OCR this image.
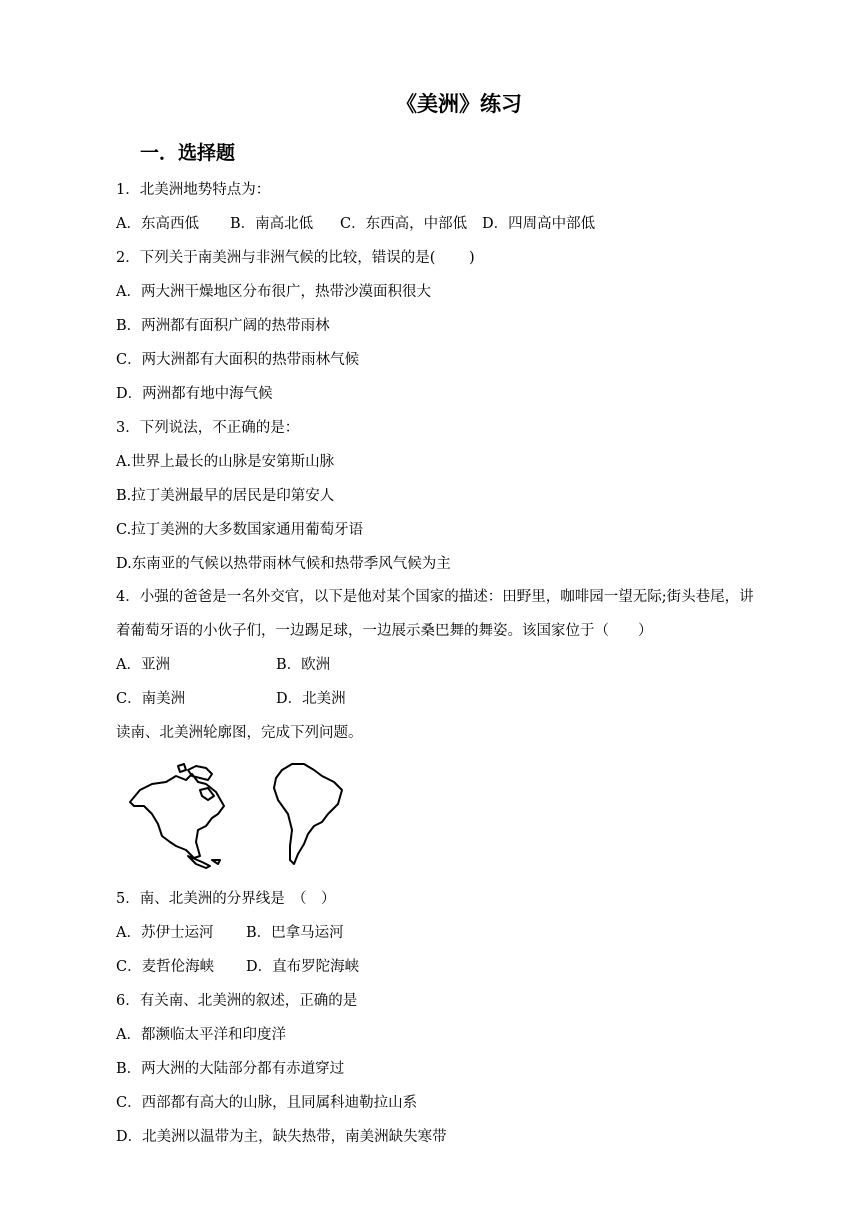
《美洲》练习
一．选择题
1．北美洲地势特点为：
A．东高西低 B．南高北低 C．东西高，中部低 D．四周高中部低
2．下列关于南美洲与非洲气候的比较，错误的是(　　 )
A．两大洲干燥地区分布很广，热带沙漠面积很大
B．两洲都有面积广阔的热带雨林
C．两大洲都有大面积的热带雨林气候
D．两洲都有地中海气候
3．下列说法，不正确的是：
A.世界上最长的山脉是安第斯山脉
B.拉丁美洲最早的居民是印第安人
C.拉丁美洲的大多数国家通用葡萄牙语
D.东南亚的气候以热带雨林气候和热带季风气候为主
4．小强的爸爸是一名外交官，以下是他对某个国家的描述：田野里，咖啡园一望无际;街头巷尾，讲着葡萄牙语的小伙子们，一边踢足球，一边展示桑巴舞的舞姿。该国家位于（　　）
A．亚洲	B．欧洲
C．南美洲	D．北美洲
读南、北美洲轮廓图，完成下列问题。
5．南、北美洲的分界线是　（　）
A．苏伊士运河 B．巴拿马运河
C．麦哲伦海峡 D．直布罗陀海峡
6．有关南、北美洲的叙述，正确的是
A．都濒临太平洋和印度洋
B．两大洲的大陆部分都有赤道穿过
C．西部都有高大的山脉，且同属科迪勒拉山系
D．北美洲以温带为主，缺失热带，南美洲缺失寒带
